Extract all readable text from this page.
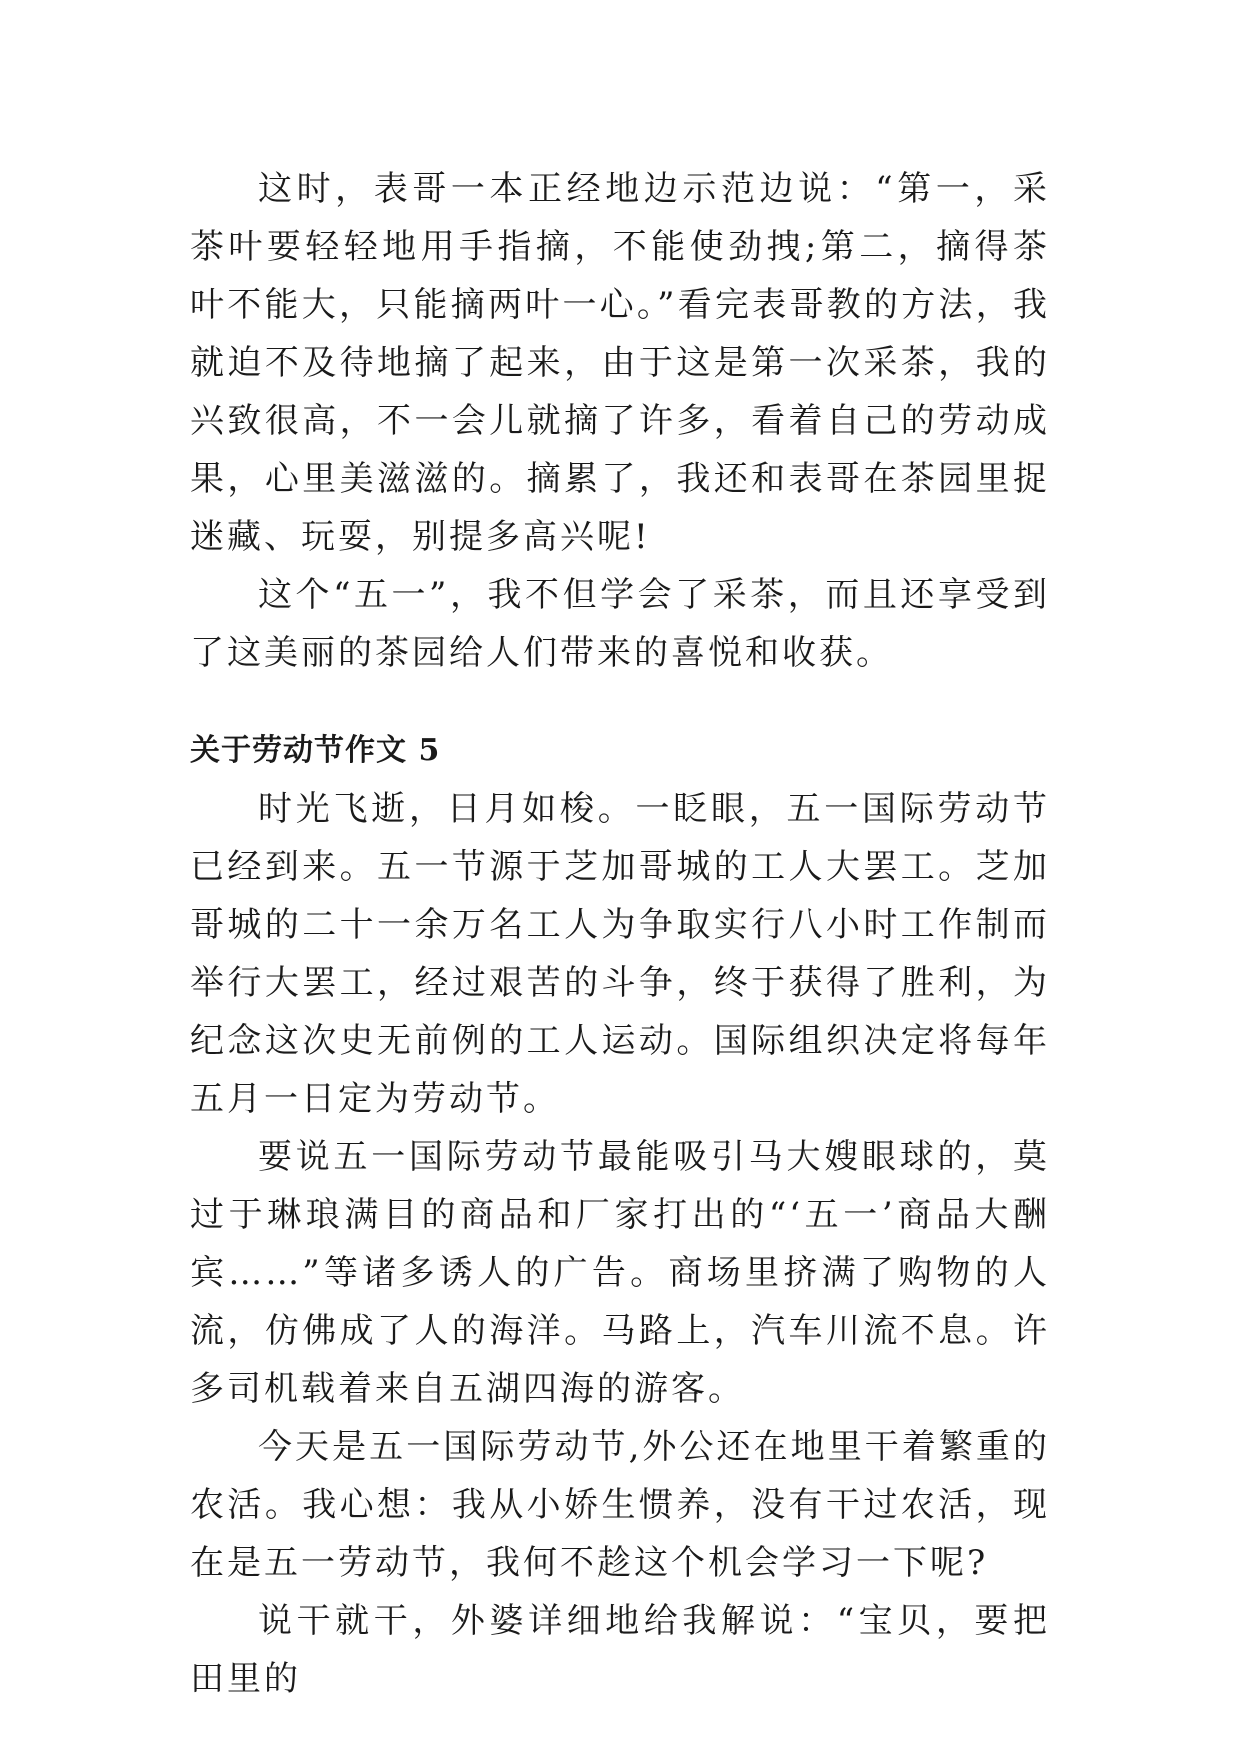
这时，表哥一本正经地边示范边说：“第一，采茶叶要轻轻地用手指摘，不能使劲拽;第二，摘得茶叶不能大，只能摘两叶一心。”看完表哥教的方法，我就迫不及待地摘了起来，由于这是第一次采茶，我的兴致很高，不一会儿就摘了许多，看着自己的劳动成果，心里美滋滋的。摘累了，我还和表哥在茶园里捉迷藏、玩耍，别提多高兴呢!

这个“五一”，我不但学会了采茶，而且还享受到了这美丽的茶园给人们带来的喜悦和收获。

关于劳动节作文 5

时光飞逝，日月如梭。一眨眼，五一国际劳动节已经到来。五一节源于芝加哥城的工人大罢工。芝加哥城的二十一余万名工人为争取实行八小时工作制而举行大罢工，经过艰苦的斗争，终于获得了胜利，为纪念这次史无前例的工人运动。国际组织决定将每年五月一日定为劳动节。

要说五一国际劳动节最能吸引马大嫂眼球的，莫过于琳琅满目的商品和厂家打出的“‘五一’商品大酬宾……”等诸多诱人的广告。商场里挤满了购物的人流，仿佛成了人的海洋。马路上，汽车川流不息。许多司机载着来自五湖四海的游客。

今天是五一国际劳动节,外公还在地里干着繁重的农活。我心想：我从小娇生惯养，没有干过农活，现在是五一劳动节，我何不趁这个机会学习一下呢?

说干就干，外婆详细地给我解说：“宝贝，要把田里的
